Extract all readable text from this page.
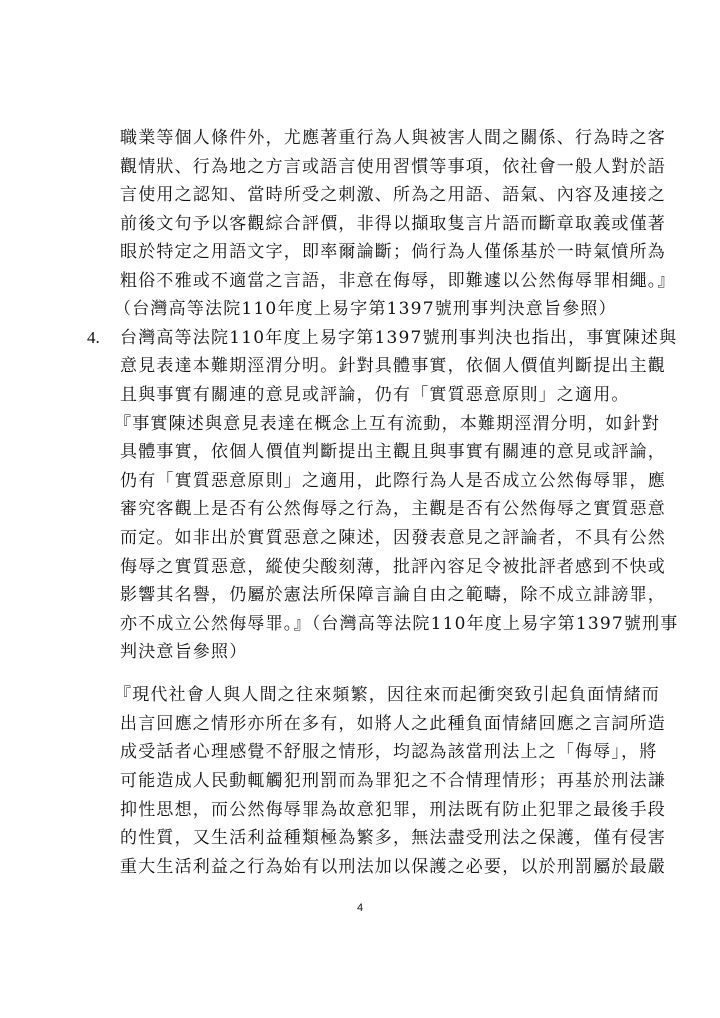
職業等個人條件外，尤應著重行為人與被害人間之關係、行為時之客
觀情狀、行為地之方言或語言使用習慣等事項，依社會一般人對於語
言使用之認知、當時所受之刺激、所為之用語、語氣、內容及連接之
前後文句予以客觀綜合評價，非得以擷取隻言片語而斷章取義或僅著
眼於特定之用語文字，即率爾論斷；倘行為人僅係基於一時氣憤所為
粗俗不雅或不適當之言語，非意在侮辱，即難遽以公然侮辱罪相繩。』
（台灣高等法院110年度上易字第1397號刑事判決意旨參照）
4. 台灣高等法院110年度上易字第1397號刑事判決也指出，事實陳述與
意見表達本難期涇渭分明。針對具體事實，依個人價值判斷提出主觀
且與事實有關連的意見或評論，仍有「實質惡意原則」之適用。
『事實陳述與意見表達在概念上互有流動，本難期涇渭分明，如針對
具體事實，依個人價值判斷提出主觀且與事實有關連的意見或評論，
仍有「實質惡意原則」之適用，此際行為人是否成立公然侮辱罪，應
審究客觀上是否有公然侮辱之行為，主觀是否有公然侮辱之實質惡意
而定。如非出於實質惡意之陳述，因發表意見之評論者，不具有公然
侮辱之實質惡意，縱使尖酸刻薄，批評內容足令被批評者感到不快或
影響其名譽，仍屬於憲法所保障言論自由之範疇，除不成立誹謗罪，
亦不成立公然侮辱罪。』（台灣高等法院110年度上易字第1397號刑事
判決意旨參照）
『現代社會人與人間之往來頻繁，因往來而起衝突致引起負面情緒而
出言回應之情形亦所在多有，如將人之此種負面情緒回應之言詞所造
成受話者心理感覺不舒服之情形，均認為該當刑法上之「侮辱」，將
可能造成人民動輒觸犯刑罰而為罪犯之不合情理情形；再基於刑法謙
抑性思想，而公然侮辱罪為故意犯罪，刑法既有防止犯罪之最後手段
的性質，又生活利益種類極為繁多，無法盡受刑法之保護，僅有侵害
重大生活利益之行為始有以刑法加以保護之必要，以於刑罰屬於最嚴
4
